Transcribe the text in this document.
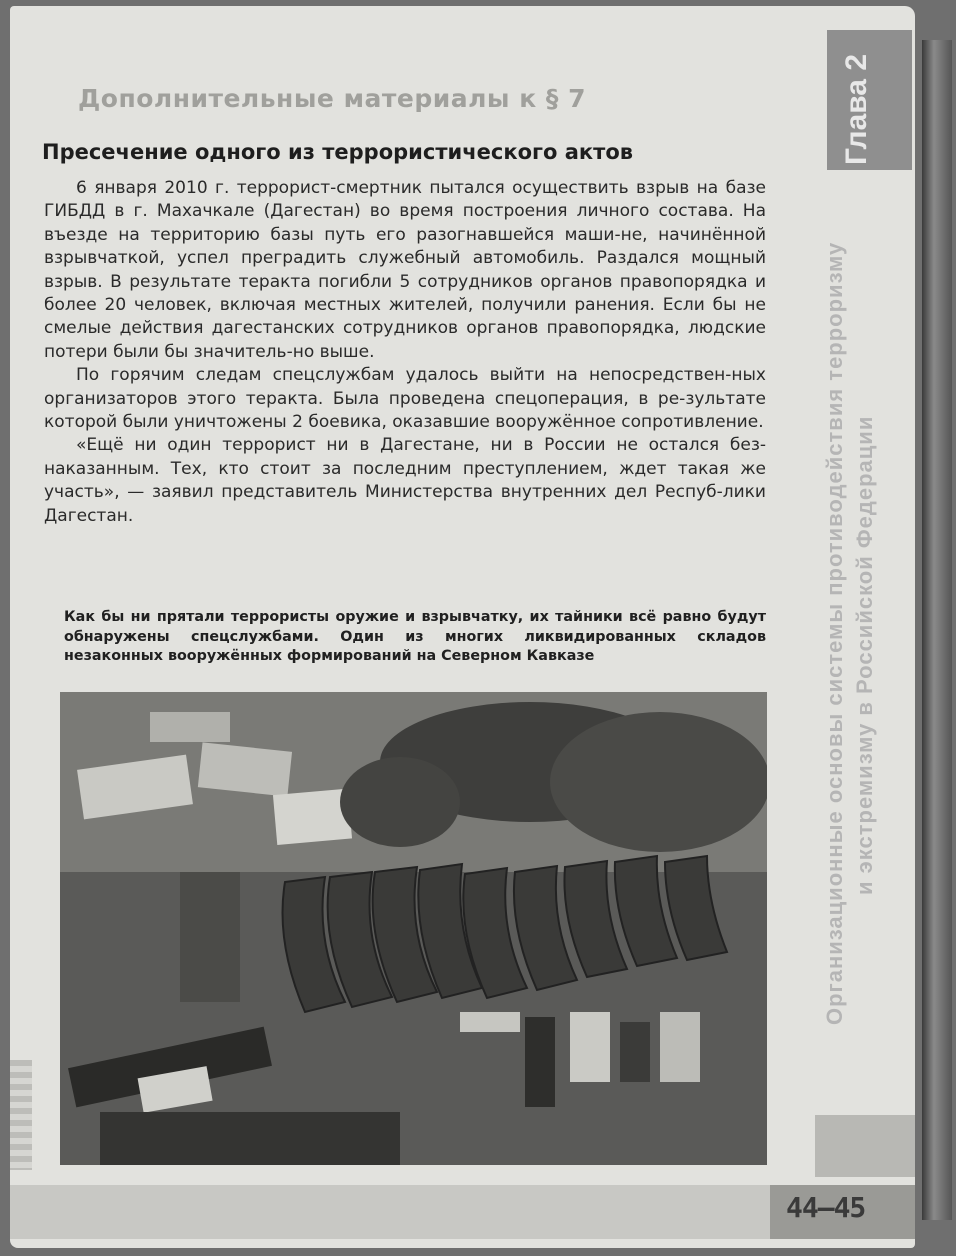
Глава 2
Организационные основы системы противодействия терроризму и экстремизму в Российской Федерации
Дополнительные материалы к § 7
Пресечение одного из террористического актов

6 января 2010 г. террорист-смертник пытался осуществить взрыв на базе ГИБДД в г. Махачкале (Дагестан) во время построения личного состава. На въезде на территорию базы путь его разогнавшейся маши-не, начинённой взрывчаткой, успел преградить служебный автомобиль. Раздался мощный взрыв. В результате теракта погибли 5 сотрудников органов правопорядка и более 20 человек, включая местных жителей, получили ранения. Если бы не смелые действия дагестанских сотрудников органов правопорядка, людские потери были бы значитель-но выше.

По горячим следам спецслужбам удалось выйти на непосредствен-ных организаторов этого теракта. Была проведена спецоперация, в ре-зультате которой были уничтожены 2 боевика, оказавшие вооружённое сопротивление.

«Ещё ни один террорист ни в Дагестане, ни в России не остался без-наказанным. Тех, кто стоит за последним преступлением, ждет такая же участь», — заявил представитель Министерства внутренних дел Респуб-лики Дагестан.

Как бы ни прятали террористы оружие и взрывчатку, их тайники всё равно будут обнаружены спецслужбами. Один из многих ликвидированных складов незаконных вооружённых формирований на Северном Кавказе
44–45
